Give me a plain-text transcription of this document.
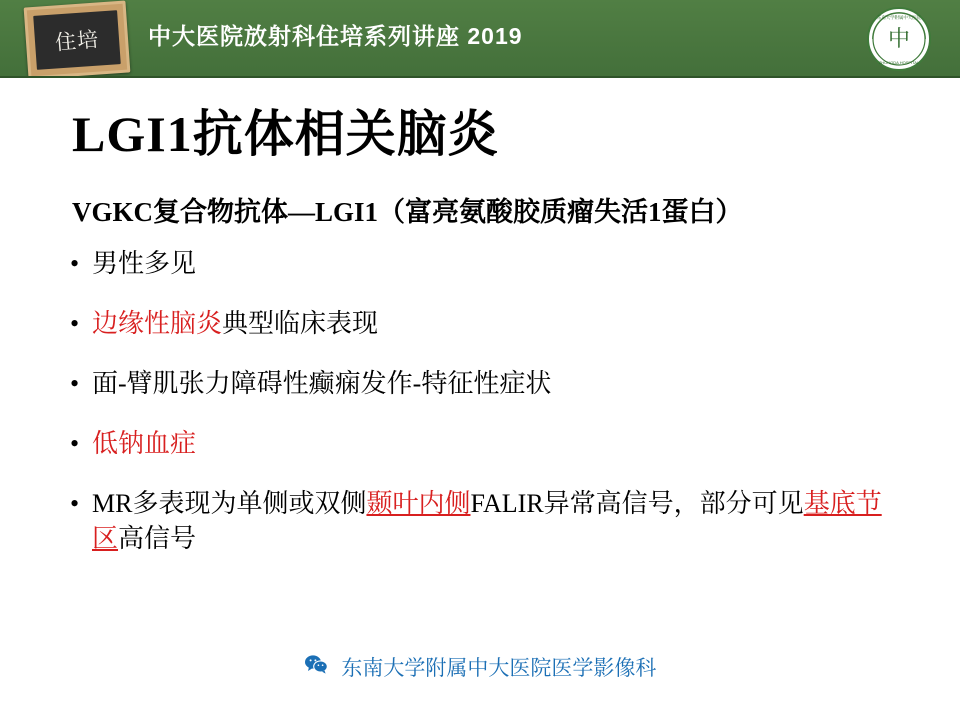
住培 中大医院放射科住培系列讲座 2019	中
东南大学附属中大医院
ZHONGDA HOSPITAL
LGI1抗体相关脑炎
VGKC复合物抗体—LGI1（富亮氨酸胶质瘤失活1蛋白）
• 男性多见
• 边缘性脑炎典型临床表现
• 面-臂肌张力障碍性癫痫发作-特征性症状
• 低钠血症
• MR多表现为单侧或双侧颞叶内侧FALIR异常高信号，部分可见基底节区高信号
东南大学附属中大医院医学影像科
